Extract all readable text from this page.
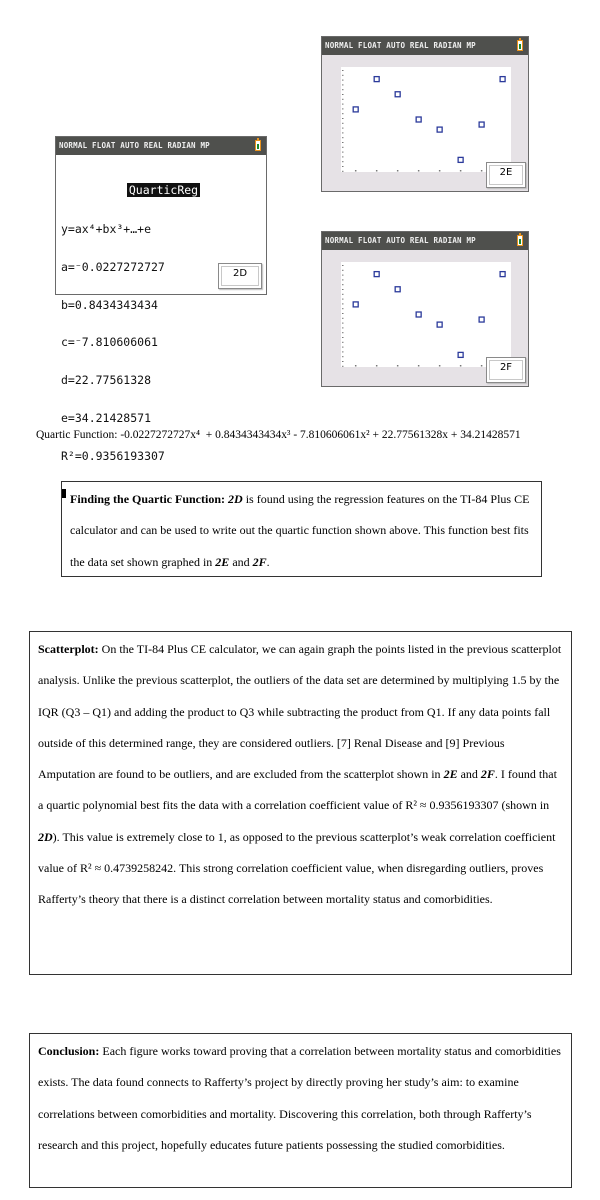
NORMAL FLOAT AUTO REAL RADIAN MP

QuarticReg

y=ax⁴+bx³+…+e

a=⁻0.0227272727

b=0.8434343434

c=⁻7.810606061

d=22.77561328

e=34.21428571

R²=0.9356193307

2D
NORMAL FLOAT AUTO REAL RADIAN MP
2E
NORMAL FLOAT AUTO REAL RADIAN MP
2F
Quartic Function: -0.0227272727x⁴ + 0.8434343434x³ - 7.810606061x² + 22.77561328x + 34.21428571
Finding the Quartic Function: 2D is found using the regression features on the TI-84 Plus CE calculator and can be used to write out the quartic function shown above. This function best fits the data set shown graphed in 2E and 2F.
Scatterplot: On the TI-84 Plus CE calculator, we can again graph the points listed in the previous scatterplot analysis. Unlike the previous scatterplot, the outliers of the data set are determined by multiplying 1.5 by the IQR (Q3 – Q1) and adding the product to Q3 while subtracting the product from Q1. If any data points fall outside of this determined range, they are considered outliers. [7] Renal Disease and [9] Previous Amputation are found to be outliers, and are excluded from the scatterplot shown in 2E and 2F. I found that a quartic polynomial best fits the data with a correlation coefficient value of R² ≈ 0.9356193307 (shown in 2D). This value is extremely close to 1, as opposed to the previous scatterplot’s weak correlation coefficient value of R² ≈ 0.4739258242. This strong correlation coefficient value, when disregarding outliers, proves Rafferty’s theory that there is a distinct correlation between mortality status and comorbidities.
Conclusion: Each figure works toward proving that a correlation between mortality status and comorbidities exists. The data found connects to Rafferty’s project by directly proving her study’s aim: to examine correlations between comorbidities and mortality. Discovering this correlation, both through Rafferty’s research and this project, hopefully educates future patients possessing the studied comorbidities.
